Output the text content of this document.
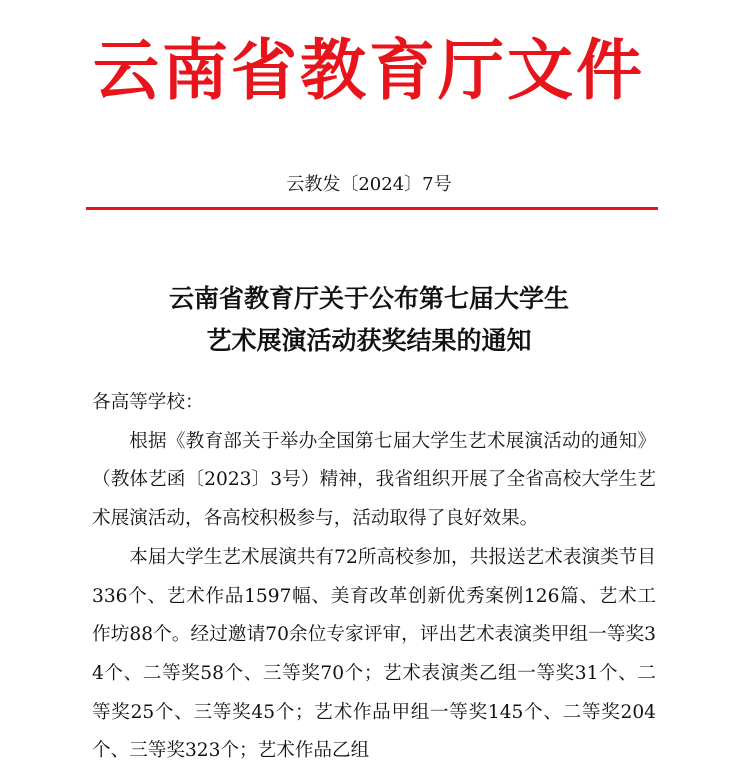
云南省教育厅文件
云教发〔2024〕7号
云南省教育厅关于公布第七届大学生
艺术展演活动获奖结果的通知

各高等学校：

根据《教育部关于举办全国第七届大学生艺术展演活动的通知》（教体艺函〔2023〕3号）精神，我省组织开展了全省高校大学生艺术展演活动，各高校积极参与，活动取得了良好效果。

本届大学生艺术展演共有72所高校参加，共报送艺术表演类节目336个、艺术作品1597幅、美育改革创新优秀案例126篇、艺术工作坊88个。经过邀请70余位专家评审，评出艺术表演类甲组一等奖34个、二等奖58个、三等奖70个；艺术表演类乙组一等奖31个、二等奖25个、三等奖45个；艺术作品甲组一等奖145个、二等奖204个、三等奖323个；艺术作品乙组
